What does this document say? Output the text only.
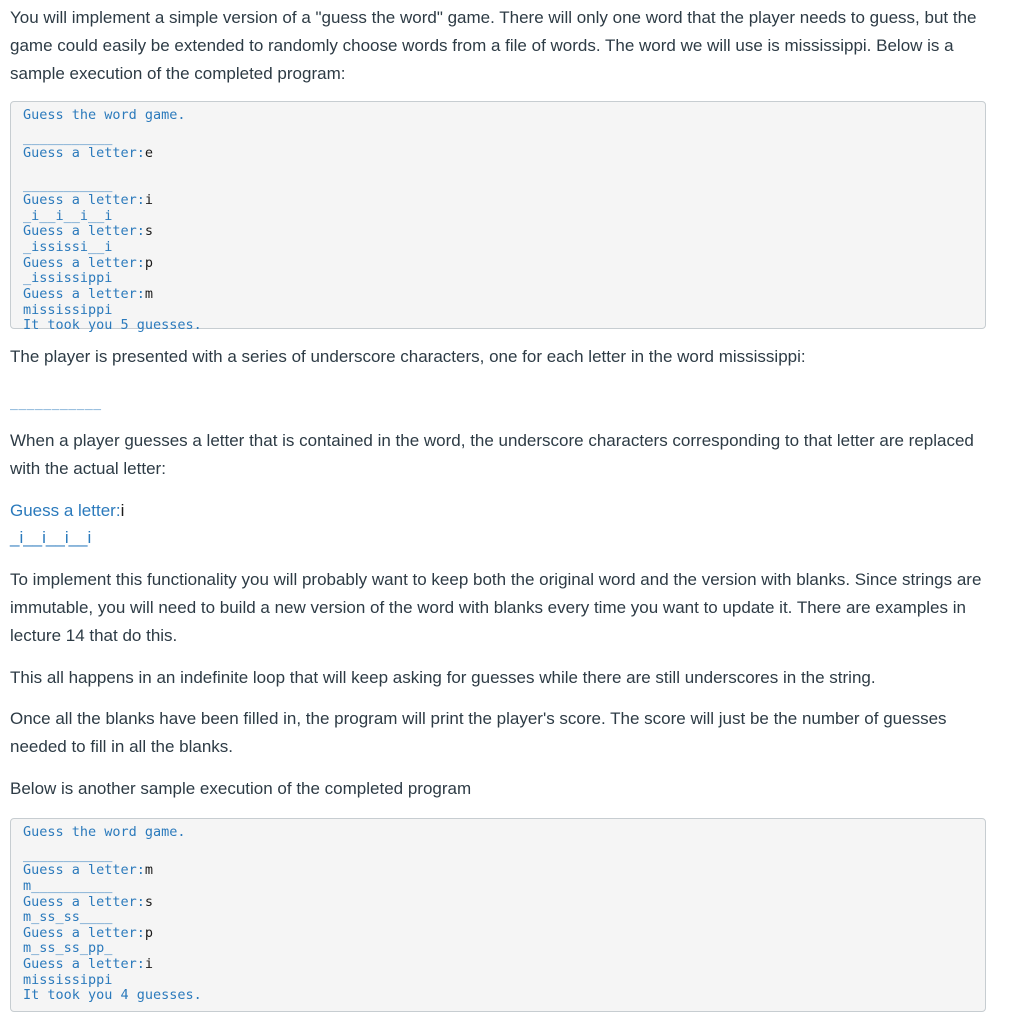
You will implement a simple version of a "guess the word" game. There will only one word that the player needs to guess, but the game could easily be extended to randomly choose words from a file of words. The word we will use is mississippi. Below is a sample execution of the completed program:
Guess the word game.
___________
Guess a letter:e
___________
Guess a letter:i
_i__i__i__i
Guess a letter:s
_ississi__i
Guess a letter:p
_ississippi
Guess a letter:m
mississippi
It took you 5 guesses.
The player is presented with a series of underscore characters, one for each letter in the word mississippi:
___________
When a player guesses a letter that is contained in the word, the underscore characters corresponding to that letter are replaced with the actual letter:
Guess a letter:i
_i__i__i__i
To implement this functionality you will probably want to keep both the original word and the version with blanks. Since strings are immutable, you will need to build a new version of the word with blanks every time you want to update it. There are examples in lecture 14 that do this.
This all happens in an indefinite loop that will keep asking for guesses while there are still underscores in the string.
Once all the blanks have been filled in, the program will print the player's score. The score will just be the number of guesses needed to fill in all the blanks.
Below is another sample execution of the completed program
Guess the word game.
___________
Guess a letter:m
m__________
Guess a letter:s
m_ss_ss____
Guess a letter:p
m_ss_ss_pp_
Guess a letter:i
mississippi
It took you 4 guesses.
